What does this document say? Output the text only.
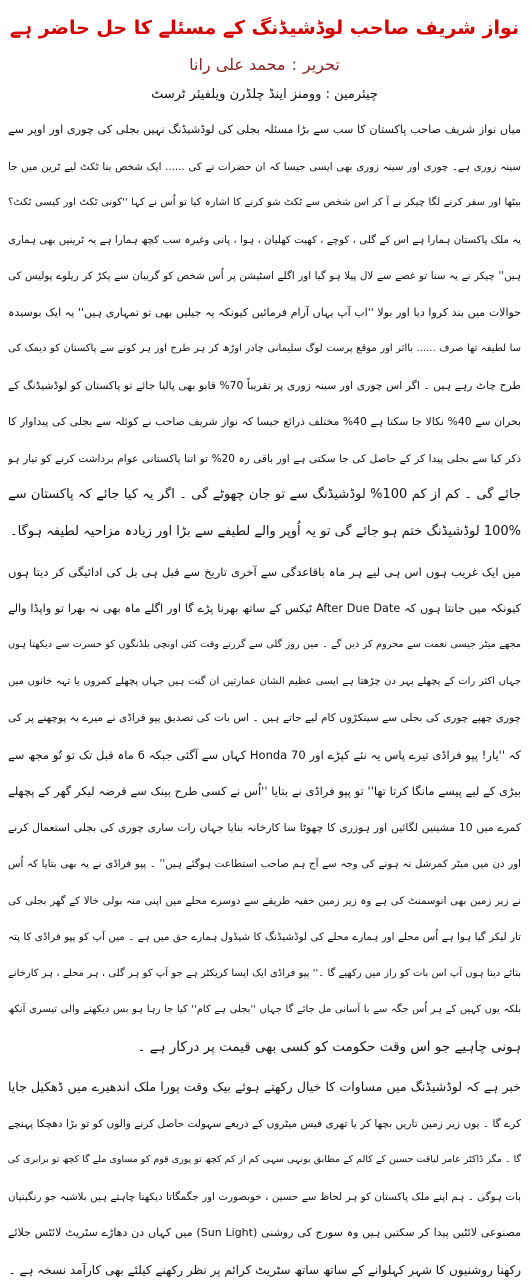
نواز شریف صاحب لوڈشیڈنگ کے مسئلے کا حل حاضر ہے
تحریر:محمد علی رانا
چیئرمین : وومنز اینڈ چلڈرن ویلفیئر ٹرسٹ
میاں نواز شریف صاحب پاکستان کا سب سے بڑا مسئلہ بجلی کی لوڈشیڈنگ نہیں بجلی کی چوری اور اوپر سے
سینہ زوری ہے۔ چوری اور سینہ زوری بھی ایسی جیسا کہ ان حضرات نے کی ...... ایک شخص بنا ٹکٹ لیے ٹرین میں جا
بیٹھا اور سفر کرنے لگا چیکر نے آ کر اس شخص سے ٹکٹ شو کرنے کا اشارہ کیا تو اُس نے کہا ''کونی ٹکٹ اور کیسی ٹکٹ؟
یہ ملک پاکستان ہمارا ہے اس کے گلی ، کوچے ، کھیت کھلیان ، ہوا ، پانی وغیرہ سب کچھ ہمارا ہے یہ ٹرینیں بھی ہماری
ہیں'' چیکر نے یہ سنا تو غصے سے لال پیلا ہو گیا اور اگلے اسٹیشن پر اُس شخص کو گریبان سے پکڑ کر ریلوے پولیس کی
حوالات میں بند کروا دیا اور بولا ''اب آپ یہاں آرام فرمائیں کیونکہ یہ جیلیں بھی تو تمہاری ہیں'' یہ ایک بوسیدہ
سا لطیفہ تھا صرف ...... بااثر اور موقع پرست لوگ سلیمانی چادر اوڑھ کر ہر طرح اور ہر کونے سے پاکستان کو دیمک کی
طرح چاٹ رہے ہیں ۔ اگر اس چوری اور سینہ زوری پر تقریباً 70% قابو بھی پالیا جائے تو پاکستان کو لوڈشیڈنگ کے
بحران سے 40% نکالا جا سکتا ہے 40% مختلف ذرائع جیسا کہ نواز شریف صاحب نے کوئلہ سے بجلی کی پیداوار کا
ذکر کیا سے بجلی پیدا کر کے حاصل کی جا سکتی ہے اور باقی رہ 20% تو اتنا پاکستانی عوام برداشت کرنے کو تیار ہو
جائے گی ۔ کم از کم 100% لوڈشیڈنگ سے تو جان چھوٹے گی ۔ اگر یہ کیا جائے کہ پاکستان سے
100% لوڈشیڈنگ ختم ہو جائے گی تو یہ اُوپر والے لطیفے سے بڑا اور زیادہ مزاحیہ لطیفہ ہوگا۔
میں ایک غریب ہوں اس ہی لیے ہر ماہ باقاعدگی سے آخری تاریخ سے قبل ہی بل کی ادائیگی کر دیتا ہوں
کیونکہ میں جانتا ہوں کہ After Due Date ٹیکس کے ساتھ بھرنا پڑے گا اور اگلے ماہ بھی نہ بھرا تو واپڈا والے
مجھے میٹر جیسی نعمت سے محروم کر دیں گے ۔ میں روز گلی سے گزرتے وقت کئی اونچی بلڈنگوں کو حسرت سے دیکھتا ہوں
جہاں اکثر رات کے پچھلے پہر دن چڑھتا ہے ایسی عظیم الشان عمارتیں ان گنت ہیں جہاں پچھلے کمروں یا تہہ خانوں میں
چوری چھپے چوری کی بجلی سے سینکڑوں کام لیے جاتے ہیں ۔ اس بات کی تصدیق پپو فراڈی نے میرے یہ پوچھنے پر کی
کہ ''یار! پپو فراڈی تیرے پاس یہ نئے کپڑے اور 70 Honda کہاں سے آگئی جبکہ 6 ماہ قبل تک تو تُو مجھ سے
بیڑی کے لیے پیسے مانگا کرتا تھا'' تو پپو فراڈی نے بتایا ''اُس نے کسی طرح بینک سے قرضہ لیکر گھر کے پچھلے
کمرے میں 10 مشینیں لگائیں اور ہوزری کا چھوٹا سا کارخانہ بنایا جہاں رات ساری چوری کی بجلی استعمال کرنے
اور دن میں میٹر کمرشل نہ ہونے کی وجہ سے آج ہم صاحب استطاعت ہوگئے ہیں'' ۔ پپو فراڈی نے یہ بھی بتایا کہ اُس
نے زیر زمین بھی انوسمنٹ کی ہے وہ زیر زمین خفیہ طریقے سے دوسرے محلے میں اپنی منہ بولی خالا کے گھر بجلی کی
تار لیکر گیا ہوا ہے اُس محلے اور ہمارے محلے کی لوڈشیڈنگ کا شیڈول ہمارے حق میں ہے ۔ میں آپ کو پپو فراڈی کا پتہ
بتائے دیتا ہوں آپ اس بات کو راز میں رکھیے گا ۔'' پپو فراڈی ایک ایسا کریکٹر ہے جو آپ کو ہر گلی ، ہر محلے ، ہر کارخانے
بلکہ یوں کہیں کے ہر اُس جگہ سے با آسانی مل جائے گا جہاں ''بجلی ہے کام'' کیا جا رہا ہو بس دیکھنے والی تیسری آنکھ
ہونی چاہیے جو اس وقت حکومت کو کسی بھی قیمت پر درکار ہے ۔
خبر ہے کہ لوڈشیڈنگ میں مساوات کا خیال رکھتے ہوئے بیک وقت پورا ملک اندھیرے میں ڈھکیل جایا
کرے گا ۔ یوں زیر زمین تاریں بچھا کر یا تھری فیس میٹروں کے ذریعے سہولت حاصل کرنے والوں کو تو بڑا دھچکا پہنچے
گا ۔ مگر ڈاکٹر عامر لیاقت حسین کے کالم کے مطابق یونہی سہی کم از کم کچھ تو پوری قوم کو مساوی ملے گا کچھ تو برابری کی
بات ہوگی ۔ ہم اپنے ملک پاکستان کو ہر لحاظ سے حسین ، خوبصورت اور جگمگاتا دیکھنا چاہتے ہیں بلاشبہ جو رنگینیاں
مصنوعی لائٹیں پیدا کر سکتیں ہیں وہ سورج کی روشنی (Sun Light) میں کہاں دن دھاڑے سٹریٹ لائٹس جلائے
رکھنا روشنیوں کا شہر کہلوانے کے ساتھ ساتھ سٹریٹ کرائم پر نظر رکھنے کیلئے بھی کارآمد نسخہ ہے ۔
